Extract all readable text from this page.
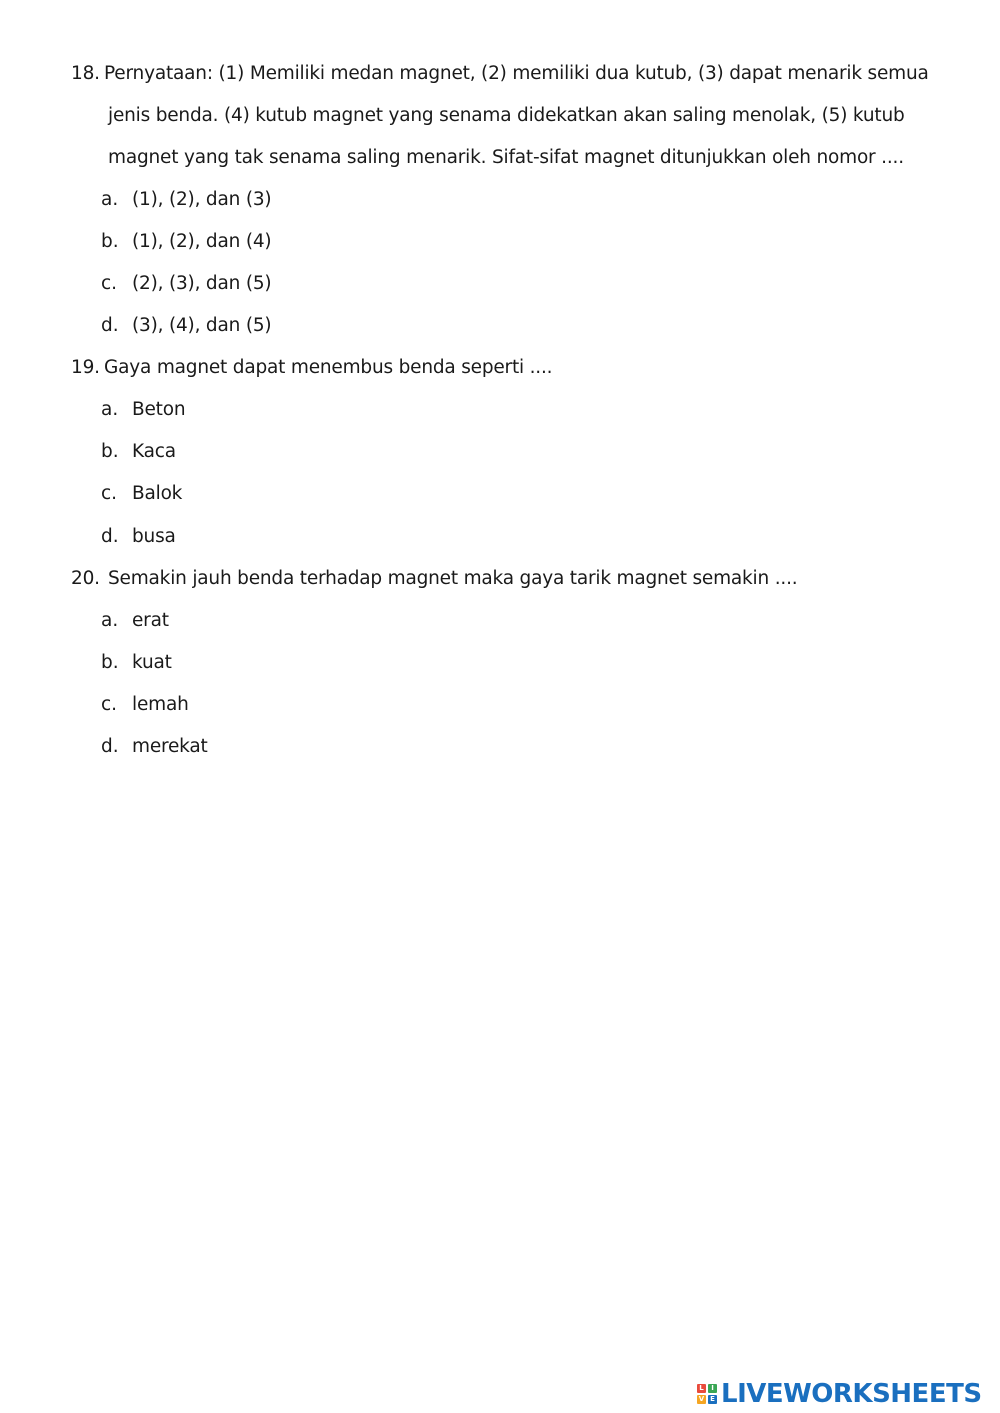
18. Pernyataan: (1) Memiliki medan magnet, (2) memiliki dua kutub, (3) dapat menarik semua
jenis benda. (4) kutub magnet yang senama didekatkan akan saling menolak, (5) kutub
magnet yang tak senama saling menarik. Sifat-sifat magnet ditunjukkan oleh nomor ....
a. (1), (2), dan (3)
b. (1), (2), dan (4)
c. (2), (3), dan (5)
d. (3), (4), dan (5)
19. Gaya magnet dapat menembus benda seperti ....
a. Beton
b. Kaca
c. Balok
d. busa
20. Semakin jauh benda terhadap magnet maka gaya tarik magnet semakin ....
a. erat
b. kuat
c. lemah
d. merekat
L	I
V E LIVEWORKSHEETS
